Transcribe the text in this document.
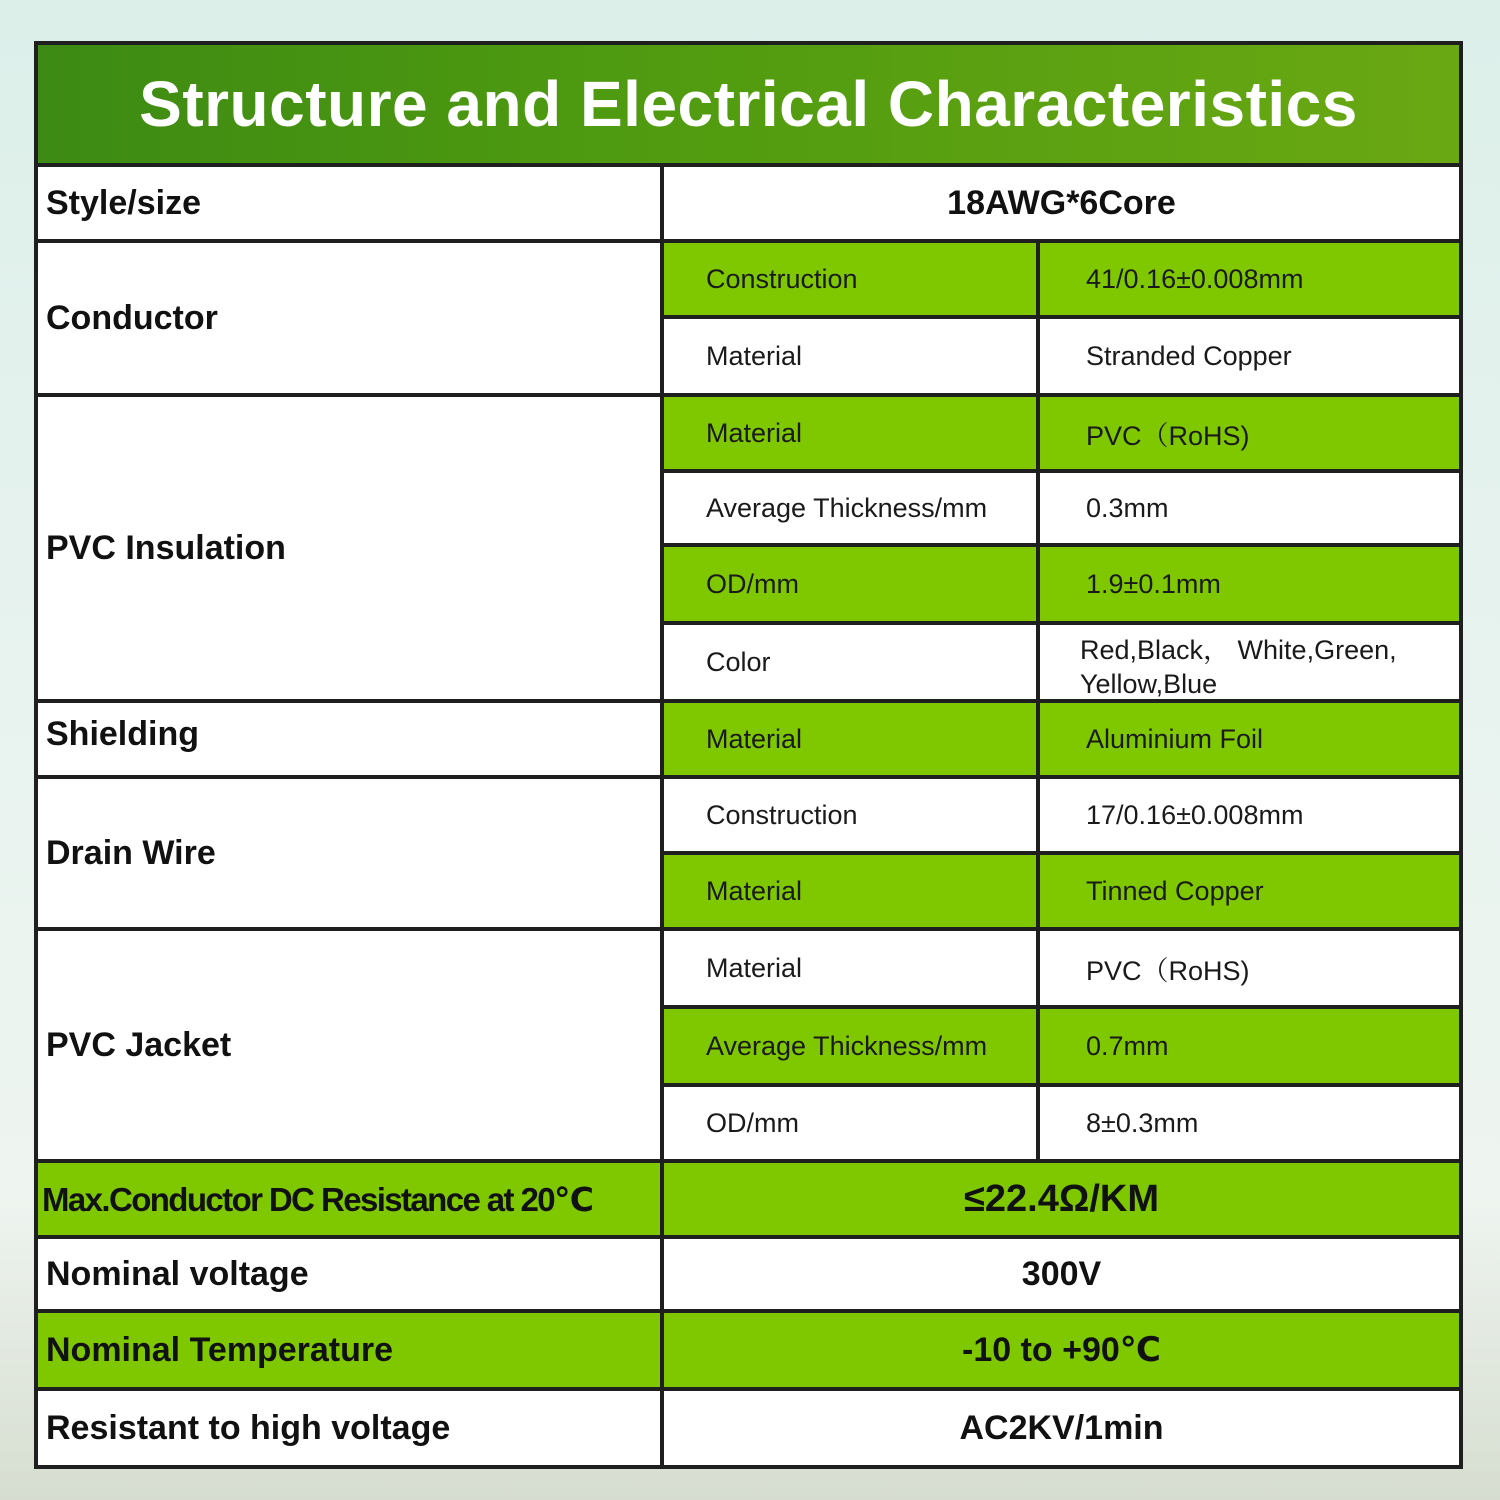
Structure and Electrical Characteristics
Style/size	18AWG*6Core
Conductor
Construction	41/0.16±0.008mm
Material	Stranded Copper
PVC Insulation
Material	PVC（RoHS)
Average Thickness/mm	0.3mm
OD/mm	1.9±0.1mm
Color	Red,Black， White,Green, Yellow,Blue
Shielding	Material	Aluminium Foil
Drain Wire
Construction	17/0.16±0.008mm
Material	Tinned Copper
PVC Jacket
Material	PVC（RoHS)
Average Thickness/mm	0.7mm
OD/mm	8±0.3mm
Max.Conductor DC Resistance at 20℃	≤22.4Ω/KM
Nominal voltage	300V
Nominal Temperature	-10 to +90℃
Resistant to high voltage	AC2KV/1min
